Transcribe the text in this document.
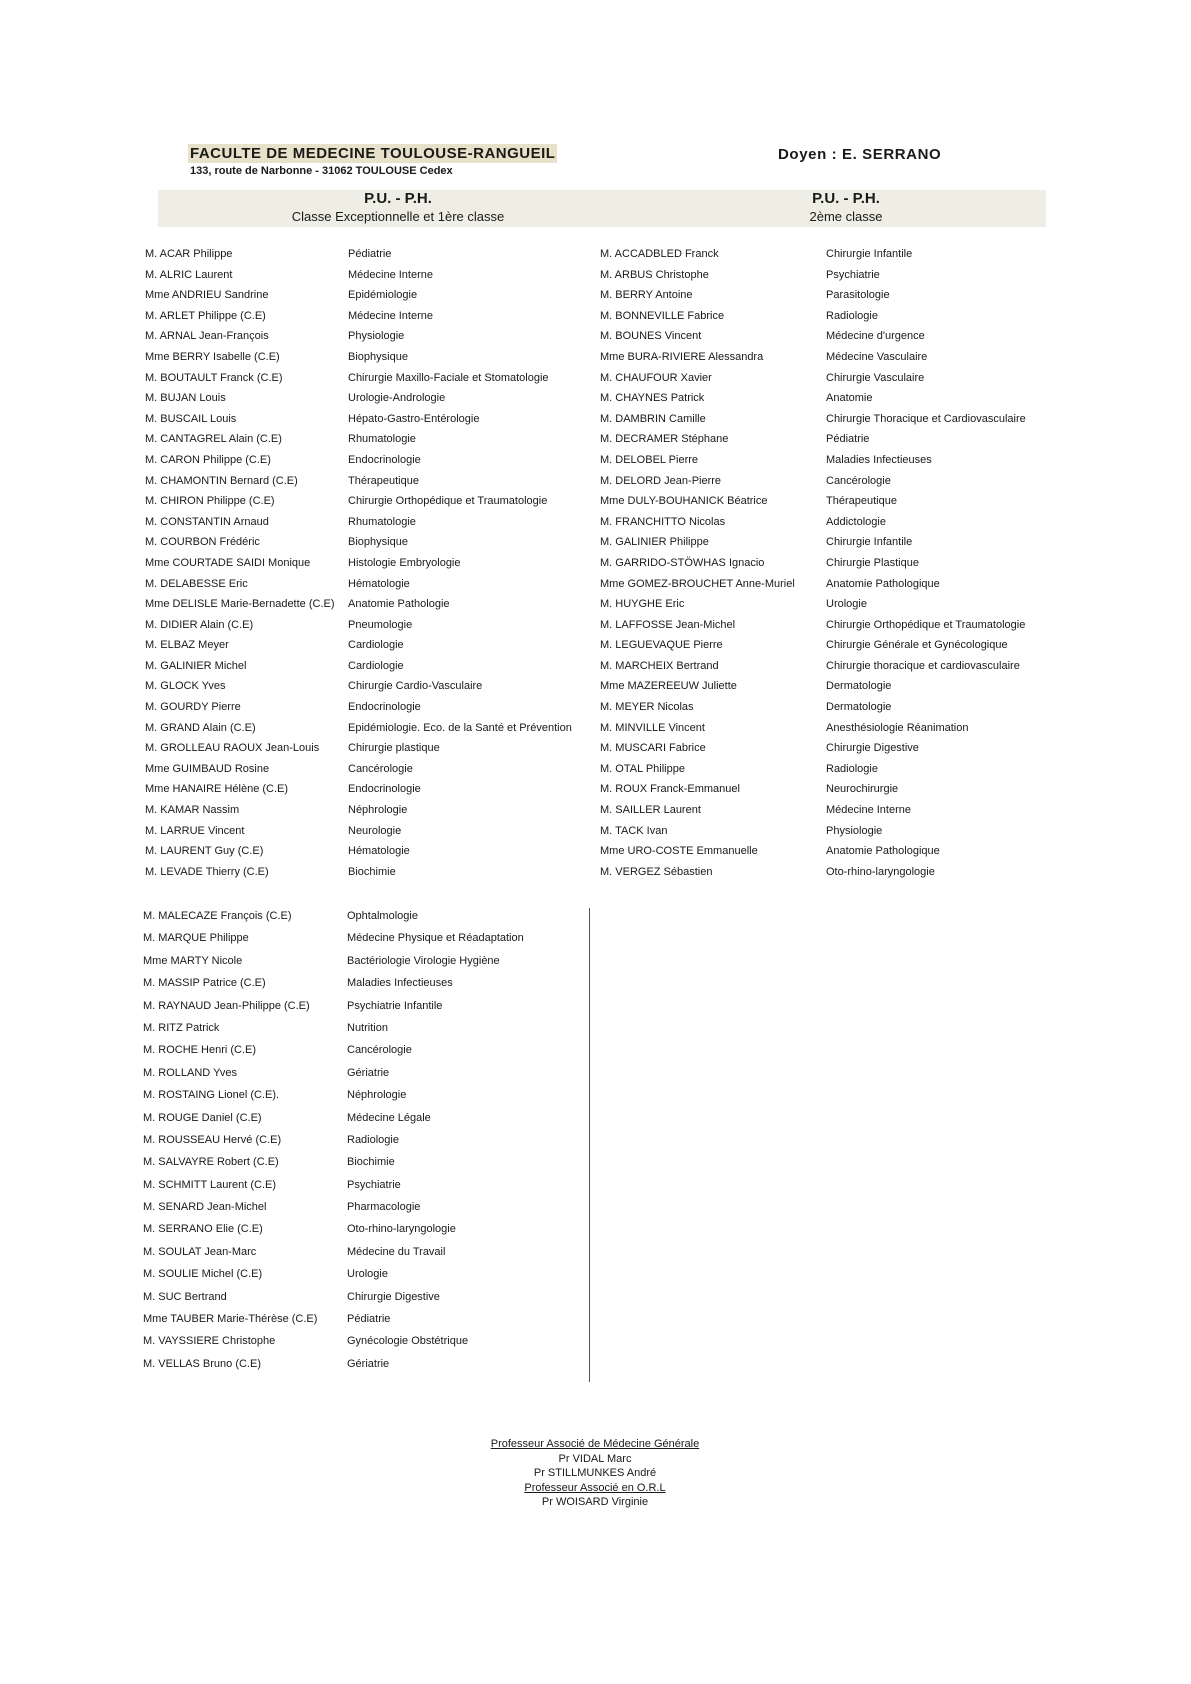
FACULTE DE MEDECINE TOULOUSE-RANGUEIL
133, route de Narbonne - 31062 TOULOUSE Cedex
Doyen : E. SERRANO
P.U. - P.H.
Classe Exceptionnelle et 1ère classe
P.U. - P.H.
2ème classe
M. ACAR Philippe	Pédiatrie
M. ALRIC Laurent	Médecine Interne
Mme ANDRIEU Sandrine	Epidémiologie
M. ARLET Philippe (C.E)	Médecine Interne
M. ARNAL Jean-François	Physiologie
Mme BERRY Isabelle (C.E)	Biophysique
M. BOUTAULT Franck (C.E)	Chirurgie Maxillo-Faciale et Stomatologie
M. BUJAN Louis	Urologie-Andrologie
M. BUSCAIL Louis	Hépato-Gastro-Entérologie
M. CANTAGREL Alain (C.E)	Rhumatologie
M. CARON Philippe (C.E)	Endocrinologie
M. CHAMONTIN Bernard (C.E)	Thérapeutique
M. CHIRON Philippe (C.E)	Chirurgie Orthopédique et Traumatologie
M. CONSTANTIN Arnaud	Rhumatologie
M. COURBON Frédéric	Biophysique
Mme COURTADE SAIDI Monique	Histologie Embryologie
M. DELABESSE Eric	Hématologie
Mme DELISLE Marie-Bernadette (C.E) Anatomie Pathologie
M. DIDIER Alain (C.E)	Pneumologie
M. ELBAZ Meyer	Cardiologie
M. GALINIER Michel	Cardiologie
M. GLOCK Yves	Chirurgie Cardio-Vasculaire
M. GOURDY Pierre	Endocrinologie
M. GRAND Alain (C.E)	Epidémiologie. Eco. de la Santé et Prévention
M. GROLLEAU RAOUX Jean-Louis	Chirurgie plastique
Mme GUIMBAUD Rosine	Cancérologie
Mme HANAIRE Hélène (C.E)	Endocrinologie
M. KAMAR Nassim	Néphrologie
M. LARRUE Vincent	Neurologie
M. LAURENT Guy (C.E)	Hématologie
M. LEVADE Thierry (C.E)	Biochimie
M. ACCADBLED Franck	Chirurgie Infantile
M. ARBUS Christophe	Psychiatrie
M. BERRY Antoine	Parasitologie
M. BONNEVILLE Fabrice	Radiologie
M. BOUNES Vincent	Médecine d'urgence
Mme BURA-RIVIERE Alessandra	Médecine Vasculaire
M. CHAUFOUR Xavier	Chirurgie Vasculaire
M. CHAYNES Patrick	Anatomie
M. DAMBRIN Camille	Chirurgie Thoracique et Cardiovasculaire
M. DECRAMER Stéphane	Pédiatrie
M. DELOBEL Pierre	Maladies Infectieuses
M. DELORD Jean-Pierre	Cancérologie
Mme DULY-BOUHANICK Béatrice	Thérapeutique
M. FRANCHITTO Nicolas	Addictologie
M. GALINIER Philippe	Chirurgie Infantile
M. GARRIDO-STÖWHAS Ignacio	Chirurgie Plastique
Mme GOMEZ-BROUCHET Anne-Muriel	Anatomie Pathologique
M. HUYGHE Eric	Urologie
M. LAFFOSSE Jean-Michel	Chirurgie Orthopédique et Traumatologie
M. LEGUEVAQUE Pierre	Chirurgie Générale et Gynécologique
M. MARCHEIX Bertrand	Chirurgie thoracique et cardiovasculaire
Mme MAZEREEUW Juliette	Dermatologie
M. MEYER Nicolas	Dermatologie
M. MINVILLE Vincent	Anesthésiologie Réanimation
M. MUSCARI Fabrice	Chirurgie Digestive
M. OTAL Philippe	Radiologie
M. ROUX Franck-Emmanuel	Neurochirurgie
M. SAILLER Laurent	Médecine Interne
M. TACK Ivan	Physiologie
Mme URO-COSTE Emmanuelle	Anatomie Pathologique
M. VERGEZ Sébastien	Oto-rhino-laryngologie
M. MALECAZE François (C.E)	Ophtalmologie
M. MARQUE Philippe	Médecine Physique et Réadaptation
Mme MARTY Nicole	Bactériologie Virologie Hygiène
M. MASSIP Patrice (C.E)	Maladies Infectieuses
M. RAYNAUD Jean-Philippe (C.E)	Psychiatrie Infantile
M. RITZ Patrick	Nutrition
M. ROCHE Henri (C.E)	Cancérologie
M. ROLLAND Yves	Gériatrie
M. ROSTAING Lionel (C.E).	Néphrologie
M. ROUGE Daniel (C.E)	Médecine Légale
M. ROUSSEAU Hervé (C.E)	Radiologie
M. SALVAYRE Robert (C.E)	Biochimie
M. SCHMITT Laurent (C.E)	Psychiatrie
M. SENARD Jean-Michel	Pharmacologie
M. SERRANO Elie (C.E)	Oto-rhino-laryngologie
M. SOULAT Jean-Marc	Médecine du Travail
M. SOULIE Michel (C.E)	Urologie
M. SUC Bertrand	Chirurgie Digestive
Mme TAUBER Marie-Thérèse (C.E)	Pédiatrie
M. VAYSSIERE Christophe	Gynécologie Obstétrique
M. VELLAS Bruno (C.E)	Gériatrie
Professeur Associé de Médecine Générale
Pr VIDAL Marc
Pr STILLMUNKES André
Professeur Associé en O.R.L
Pr WOISARD Virginie
